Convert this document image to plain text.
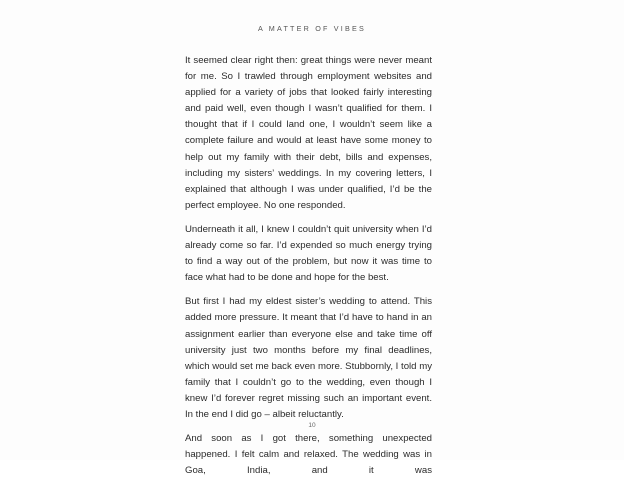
A MATTER OF VIBES

It seemed clear right then: great things were never meant for me. So I trawled through employment websites and applied for a variety of jobs that looked fairly interesting and paid well, even though I wasn’t qualified for them. I thought that if I could land one, I wouldn’t seem like a complete failure and would at least have some money to help out my family with their debt, bills and expenses, including my sisters’ weddings. In my covering letters, I explained that although I was under qualified, I’d be the perfect employee. No one responded.

Underneath it all, I knew I couldn’t quit university when I’d already come so far. I’d expended so much energy trying to find a way out of the problem, but now it was time to face what had to be done and hope for the best.

But first I had my eldest sister’s wedding to attend. This added more pressure. It meant that I’d have to hand in an assignment earlier than everyone else and take time off university just two months before my final deadlines, which would set me back even more. Stubbornly, I told my family that I couldn’t go to the wedding, even though I knew I’d forever regret missing such an important event. In the end I did go – albeit reluctantly.

And soon as I got there, something unexpected happened. I felt calm and relaxed. The wedding was in Goa, India, and it was

10
